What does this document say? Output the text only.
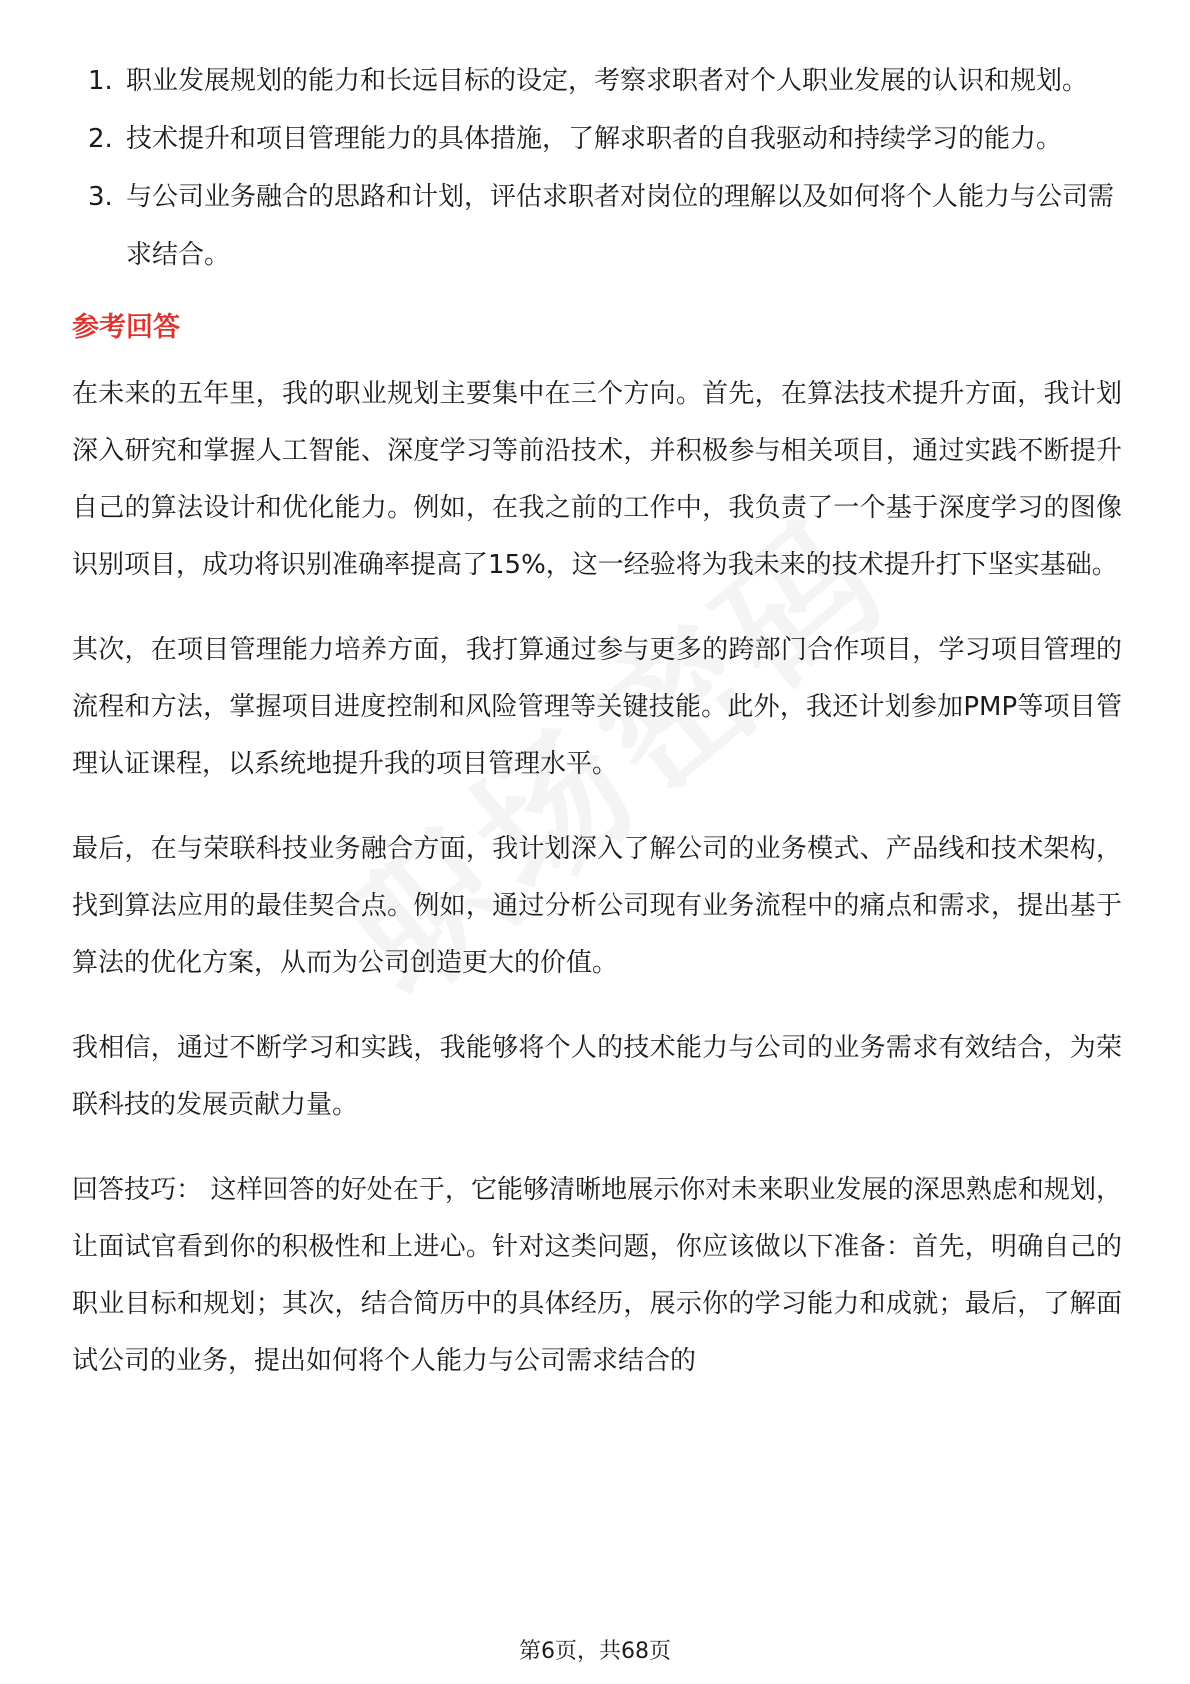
1. 职业发展规划的能力和长远目标的设定，考察求职者对个人职业发展的认识和规划。
2. 技术提升和项目管理能力的具体措施，了解求职者的自我驱动和持续学习的能力。
3. 与公司业务融合的思路和计划，评估求职者对岗位的理解以及如何将个人能力与公司需求结合。
参考回答

在未来的五年里，我的职业规划主要集中在三个方向。首先，在算法技术提升方面，我计划深入研究和掌握人工智能、深度学习等前沿技术，并积极参与相关项目，通过实践不断提升自己的算法设计和优化能力。例如，在我之前的工作中，我负责了一个基于深度学习的图像识别项目，成功将识别准确率提高了15%，这一经验将为我未来的技术提升打下坚实基础。

其次，在项目管理能力培养方面，我打算通过参与更多的跨部门合作项目，学习项目管理的流程和方法，掌握项目进度控制和风险管理等关键技能。此外，我还计划参加PMP等项目管理认证课程，以系统地提升我的项目管理水平。

最后，在与荣联科技业务融合方面，我计划深入了解公司的业务模式、产品线和技术架构，找到算法应用的最佳契合点。例如，通过分析公司现有业务流程中的痛点和需求，提出基于算法的优化方案，从而为公司创造更大的价值。

我相信，通过不断学习和实践，我能够将个人的技术能力与公司的业务需求有效结合，为荣联科技的发展贡献力量。

回答技巧： 这样回答的好处在于，它能够清晰地展示你对未来职业发展的深思熟虑和规划，让面试官看到你的积极性和上进心。针对这类问题，你应该做以下准备：首先，明确自己的职业目标和规划；其次，结合简历中的具体经历，展示你的学习能力和成就；最后，了解面试公司的业务，提出如何将个人能力与公司需求结合的

第6页，共68页
